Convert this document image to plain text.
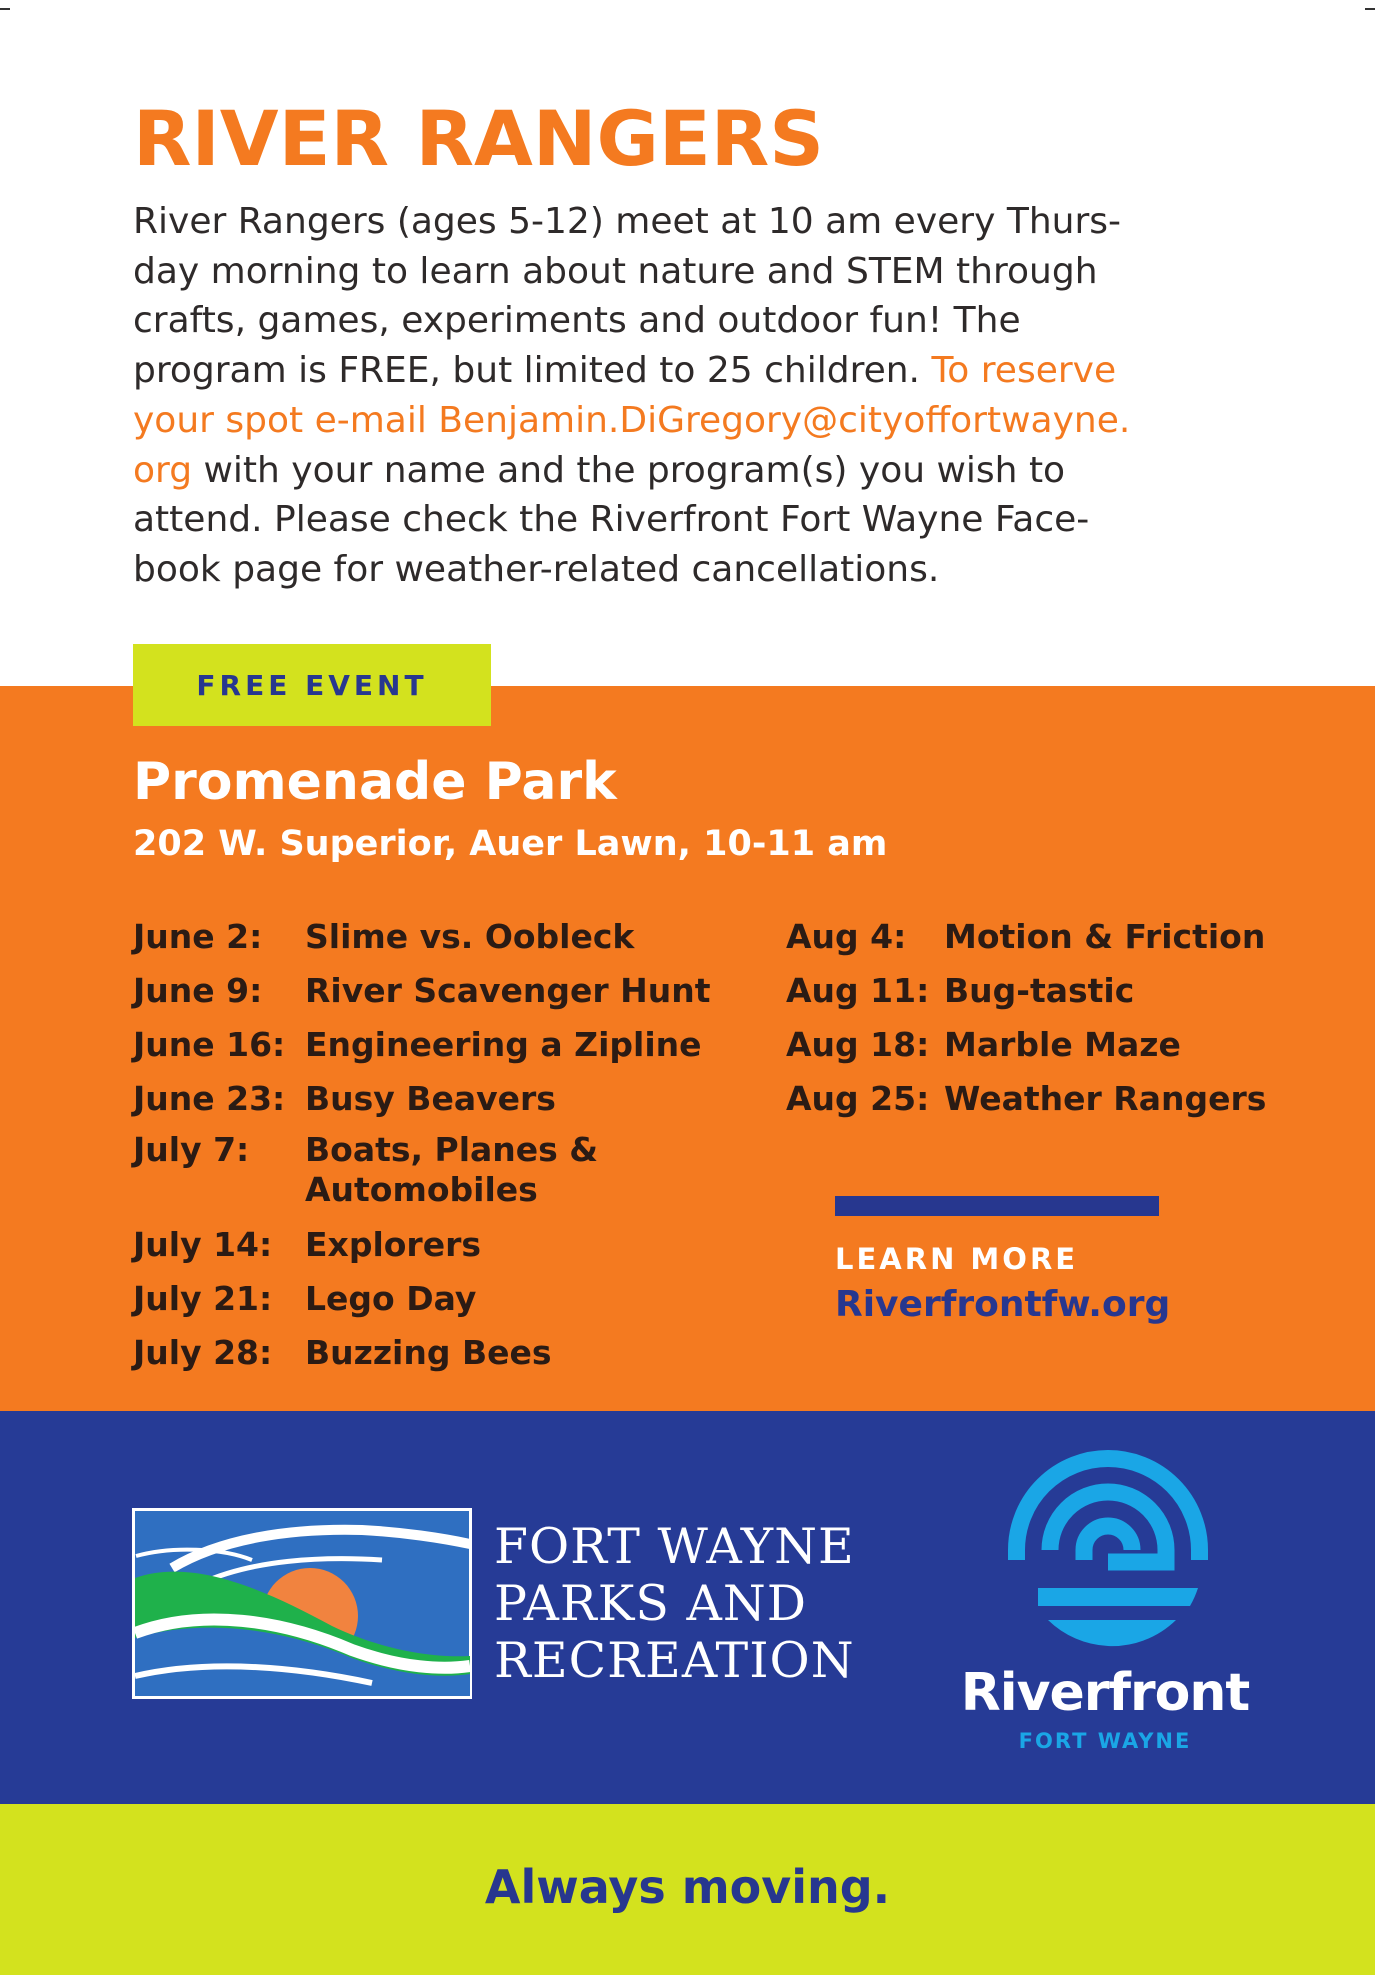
RIVER RANGERS

River Rangers (ages 5-12) meet at 10 am every Thurs-
day morning to learn about nature and STEM through
crafts, games, experiments and outdoor fun! The
program is FREE, but limited to 25 children. To reserve
your spot e-mail Benjamin.DiGregory@cityoffortwayne.
org with your name and the program(s) you wish to
attend. Please check the Riverfront Fort Wayne Face-
book page for weather-related cancellations.

FREE EVENT
Promenade Park

202 W. Superior, Auer Lawn, 10-11 am

June 2: Slime vs. Oobleck
June 9: River Scavenger Hunt
June 16: Engineering a Zipline
June 23: Busy Beavers
July 7: Boats, Planes &
Automobiles
July 14: Explorers
July 21: Lego Day
July 28: Buzzing Bees
Aug 4: Motion & Friction
Aug 11: Bug-tastic
Aug 18: Marble Maze
Aug 25: Weather Rangers

LEARN MORE

Riverfrontfw.org

FORT WAYNE
PARKS AND
RECREATION

Riverfront

FORT WAYNE

Always moving.
